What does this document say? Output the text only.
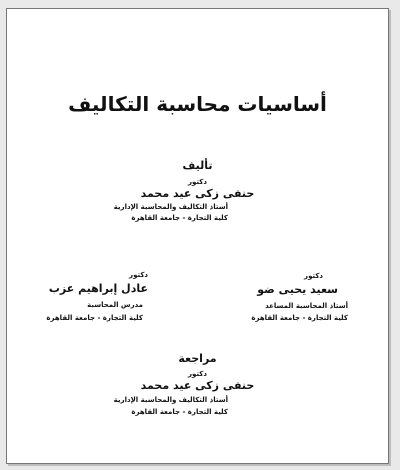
أساسيات محاسبة التكاليف
تأليف
دكتور
حنفى زكى عيد محمد
أستاذ التكاليف والمحاسبة الإدارية
كلية التجارة - جامعة القاهرة
دكتور
سعيد يحيى ضو
أستاذ المحاسبة المساعد
كلية التجارة - جامعة القاهرة
دكتور
عادل إبراهيم عزب
مدرس المحاسبة
كلية التجارة - جامعة القاهرة
مراجعة
دكتور
حنفى زكى عيد محمد
أستاذ التكاليف والمحاسبة الإدارية
كلية التجارة - جامعة القاهرة
